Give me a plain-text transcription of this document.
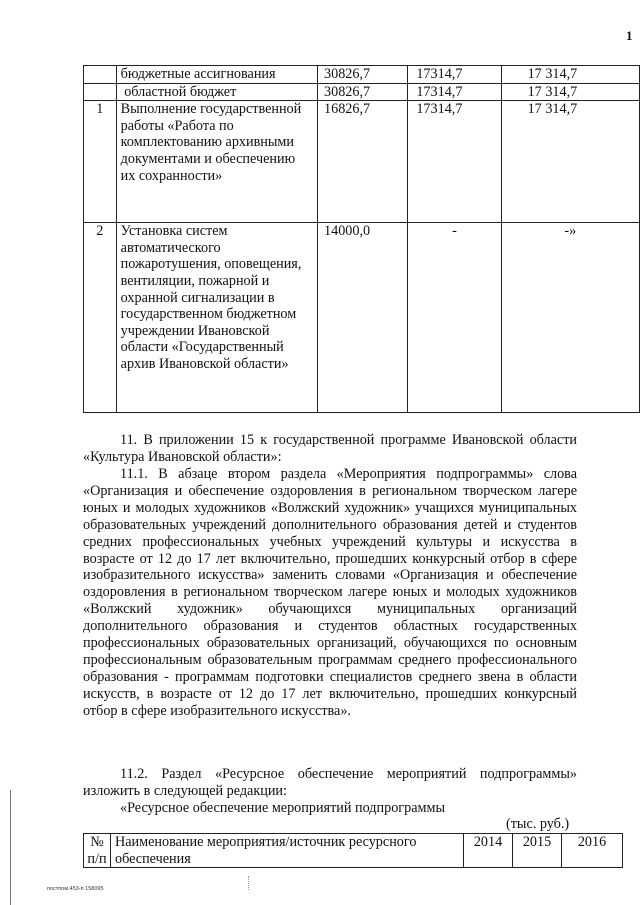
1
	бюджетные ассигнования	30826,7	17314,7	17 314,7
	областной бюджет	30826,7	17314,7	17 314,7
1	Выполнение государственной работы «Работа по комплектованию архивными документами и обеспечению их сохранности»	16826,7	17314,7	17 314,7
2	Установка систем автоматического пожаротушения, оповещения, вентиляции, пожарной и охранной сигнализации в государственном бюджетном учреждении Ивановской области «Государственный архив Ивановской области»	14000,0	-	-»

11. В приложении 15 к государственной программе Ивановской области «Культура Ивановской области»:

11.1. В абзаце втором раздела «Мероприятия подпрограммы» слова «Организация и обеспечение оздоровления в региональном творческом лагере юных и молодых художников «Волжский художник» учащихся муниципальных образовательных учреждений дополнительного образования детей и студентов средних профессиональных учебных учреждений культуры и искусства в возрасте от 12 до 17 лет включительно, прошедших конкурсный отбор в сфере изобразительного искусства» заменить словами «Организация и обеспечение оздоровления в региональном творческом лагере юных и молодых художников «Волжский художник» обучающихся муниципальных организаций дополнительного образования и студентов областных государственных профессиональных образовательных организаций, обучающихся по основным профессиональным образовательным программам среднего профессионального образования - программам подготовки специалистов среднего звена в области искусств, в возрасте от 12 до 17 лет включительно, прошедших конкурсный отбор в сфере изобразительного искусства».

11.2. Раздел «Ресурсное обеспечение мероприятий подпрограммы» изложить в следующей редакции:

«Ресурсное обеспечение мероприятий подпрограммы
(тыс. руб.)
№ п/п	Наименование мероприятия/источник ресурсного обеспечения	2014	2015	2016
постпом.453-п 158095
